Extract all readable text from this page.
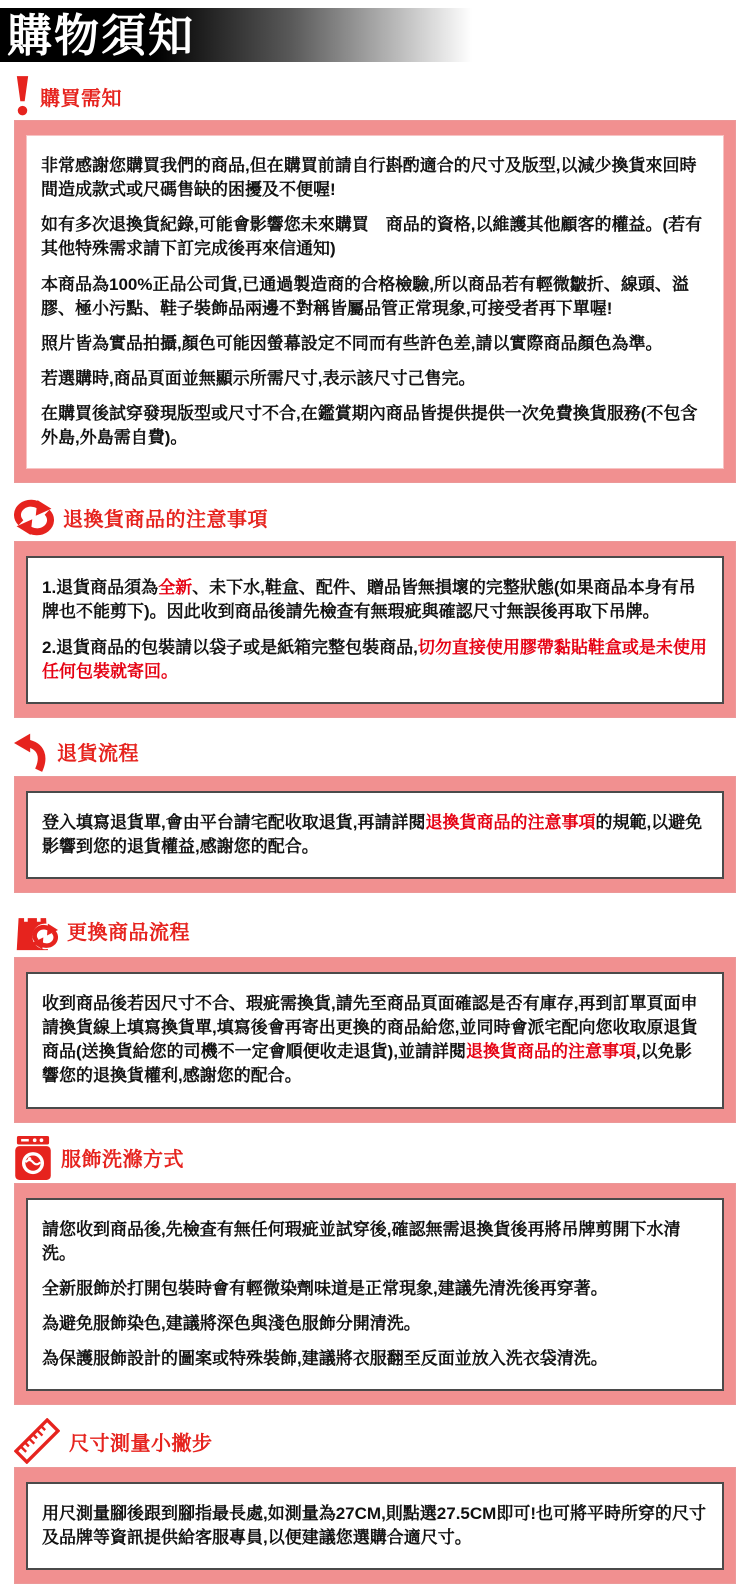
購物須知
購買需知

非常感謝您購買我們的商品,但在購買前請自行斟酌適合的尺寸及版型,以減少換貨來回時間造成款式或尺碼售缺的困擾及不便喔!

如有多次退換貨紀錄,可能會影響您未來購買　商品的資格,以維護其他顧客的權益。(若有其他特殊需求請下訂完成後再來信通知)

本商品為100%正品公司貨,已通過製造商的合格檢驗,所以商品若有輕微皺折、線頭、溢膠、極小污點、鞋子裝飾品兩邊不對稱皆屬品管正常現象,可接受者再下單喔!

照片皆為實品拍攝,顏色可能因螢幕設定不同而有些許色差,請以實際商品顏色為準。

若選購時,商品頁面並無顯示所需尺寸,表示該尺寸己售完。

在購買後試穿發現版型或尺寸不合,在鑑賞期內商品皆提供提供一次免費換貨服務(不包含外島,外島需自費)。

退換貨商品的注意事項

1.退貨商品須為全新、未下水,鞋盒、配件、贈品皆無損壞的完整狀態(如果商品本身有吊牌也不能剪下)。因此收到商品後請先檢查有無瑕疵與確認尺寸無誤後再取下吊牌。

2.退貨商品的包裝請以袋子或是紙箱完整包裝商品,切勿直接使用膠帶黏貼鞋盒或是未使用任何包裝就寄回。

退貨流程

登入填寫退貨單,會由平台請宅配收取退貨,再請詳閱退換貨商品的注意事項的規範,以避免影響到您的退貨權益,感謝您的配合。

更換商品流程

收到商品後若因尺寸不合、瑕疵需換貨,請先至商品頁面確認是否有庫存,再到訂單頁面申請換貨線上填寫換貨單,填寫後會再寄出更換的商品給您,並同時會派宅配向您收取原退貨商品(送換貨給您的司機不一定會順便收走退貨),並請詳閱退換貨商品的注意事項,以免影響您的退換貨權利,感謝您的配合。

服飾洗滌方式

請您收到商品後,先檢查有無任何瑕疵並試穿後,確認無需退換貨後再將吊牌剪開下水清洗。

全新服飾於打開包裝時會有輕微染劑味道是正常現象,建議先清洗後再穿著。

為避免服飾染色,建議將深色與淺色服飾分開清洗。

為保護服飾設計的圖案或特殊裝飾,建議將衣服翻至反面並放入洗衣袋清洗。

尺寸測量小撇步

用尺測量腳後跟到腳指最長處,如測量為27CM,則點選27.5CM即可!也可將平時所穿的尺寸及品牌等資訊提供給客服專員,以便建議您選購合適尺寸。
